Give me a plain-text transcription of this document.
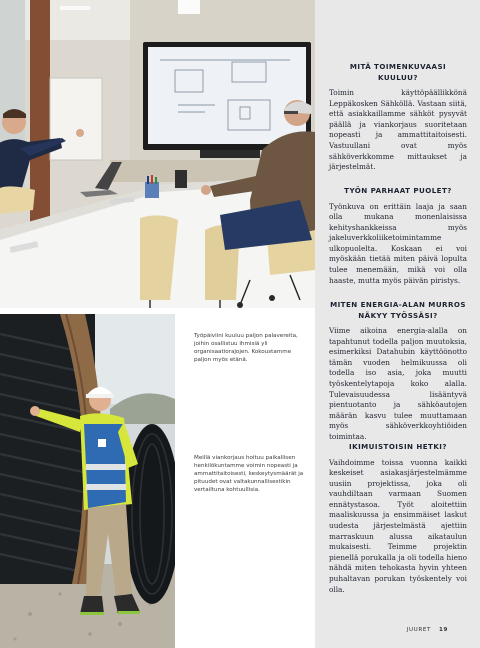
Työpäiviini kuuluu paljon palavereita, joihin osallistuu ihmisiä yli organisaatiorajojen. Kokoustamme paljon myös etänä.

Meillä viankorjaus hoituu paikallisen henkilökuntamme voimin nopeasti ja ammattitaitoisesti, keskeytysmäärät ja pituudet ovat valtakunnallisestikin vertailtuna kohtuullisia.

MITÄ TOIMENKUVAASI KUULUU?

Toimin käyttöpäällikkönä Leppäkosken Sähköllä. Vastaan siitä, että asiakkaillamme sähköt pysyvät päällä ja viankorjaus suoritetaan nopeasti ja ammattitaitoisesti. Vastuullani ovat myös sähköverkkomme mittaukset ja järjestelmät.

TYÖN PARHAAT PUOLET?

Työnkuva on erittäin laaja ja saan olla mukana monenlaisissa kehityshankkeissa myös jakeluverkkoliiketoimintamme ulkopuolelta. Koskaan ei voi myöskään tietää miten päivä lopulta tulee menemään, mikä voi olla haaste, mutta myös päivän piristys.

MITEN ENERGIA-ALAN MURROS NÄKYY TYÖSSÄSI?

Viime aikoina energia-alalla on tapahtunut todella paljon muutoksia, esimerkiksi Datahubin käyttöönotto tämän vuoden helmikuussa oli todella iso asia, joka muutti työskentelytapoja koko alalla. Tulevaisuudessa lisääntyvä pientuotanto ja sähköautojen määrän kasvu tulee muuttamaan myös sähköverkkoyhtiöiden toimintaa.

IKIMUISTOISIN HETKI?

Vaihdoimme toissa vuonna kaikki keskeiset asiakasjärjestelmämme uusiin projektissa, joka oli vauhdiltaan varmaan Suomen ennätystasoa. Työt aloitettiin maaliskuussa ja ensimmäiset laskut uudesta järjestelmästä ajettiin marraskuun alussa aikataulun mukaisesti. Teimme projektin pienellä porukalla ja oli todella hieno nähdä miten tehokasta hyvin yhteen puhaltavan porukan työskentely voi olla.

JUURET 19
